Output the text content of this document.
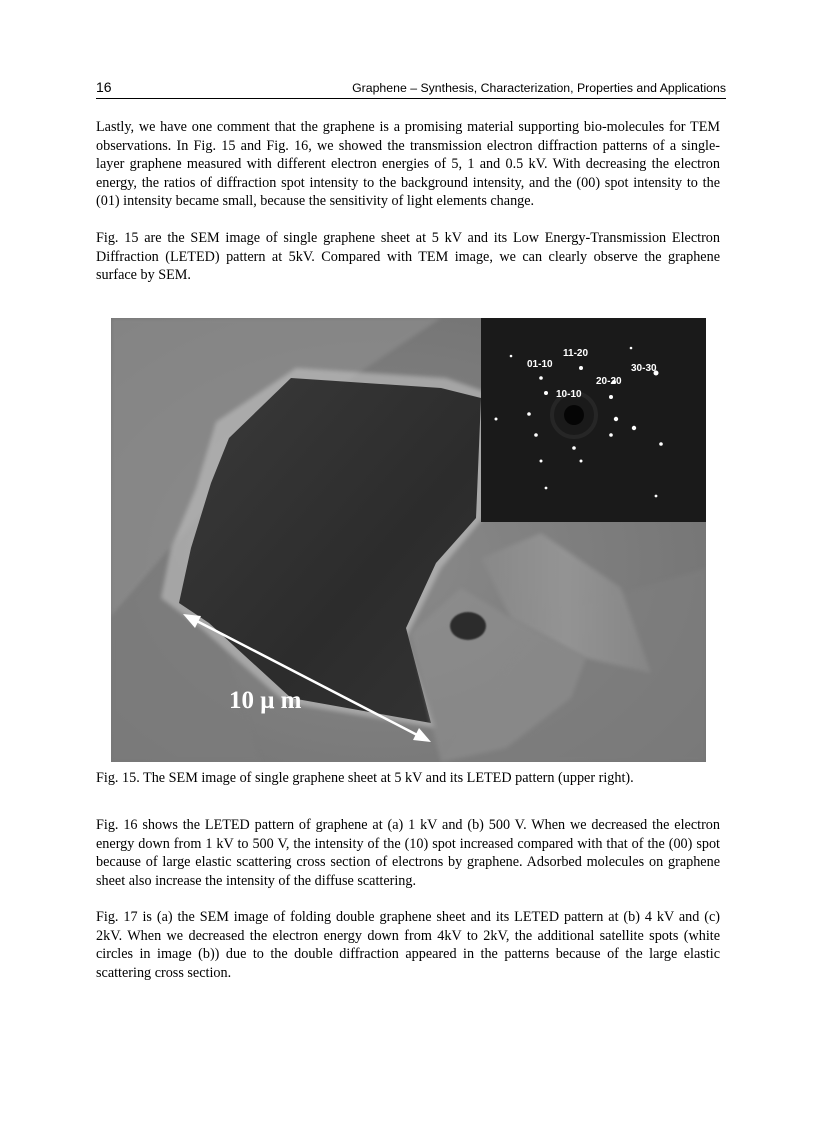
16	Graphene – Synthesis, Characterization, Properties and Applications

Lastly, we have one comment that the graphene is a promising material supporting bio-molecules for TEM observations. In Fig. 15 and Fig. 16, we showed the transmission electron diffraction patterns of a single-layer graphene measured with different electron energies of 5, 1 and 0.5 kV. With decreasing the electron energy, the ratios of diffraction spot intensity to the background intensity, and the (00) spot intensity to the (01) intensity became small, because the sensitivity of light elements change.

Fig. 15 are the SEM image of single graphene sheet at 5 kV and its Low Energy-Transmission Electron Diffraction (LETED) pattern at 5kV. Compared with TEM image, we can clearly observe the graphene surface by SEM.

11-20
01-10	30-30
20-20
10-10
10 μ m

Fig. 15. The SEM image of single graphene sheet at 5 kV and its LETED pattern (upper right).

Fig. 16 shows the LETED pattern of graphene at (a) 1 kV and (b) 500 V. When we decreased the electron energy down from 1 kV to 500 V, the intensity of the (10) spot increased compared with that of the (00) spot because of large elastic scattering cross section of electrons by graphene. Adsorbed molecules on graphene sheet also increase the intensity of the diffuse scattering.

Fig. 17 is (a) the SEM image of folding double graphene sheet and its LETED pattern at (b) 4 kV and (c) 2kV. When we decreased the electron energy down from 4kV to 2kV, the additional satellite spots (white circles in image (b)) due to the double diffraction appeared in the patterns because of the large elastic scattering cross section.
